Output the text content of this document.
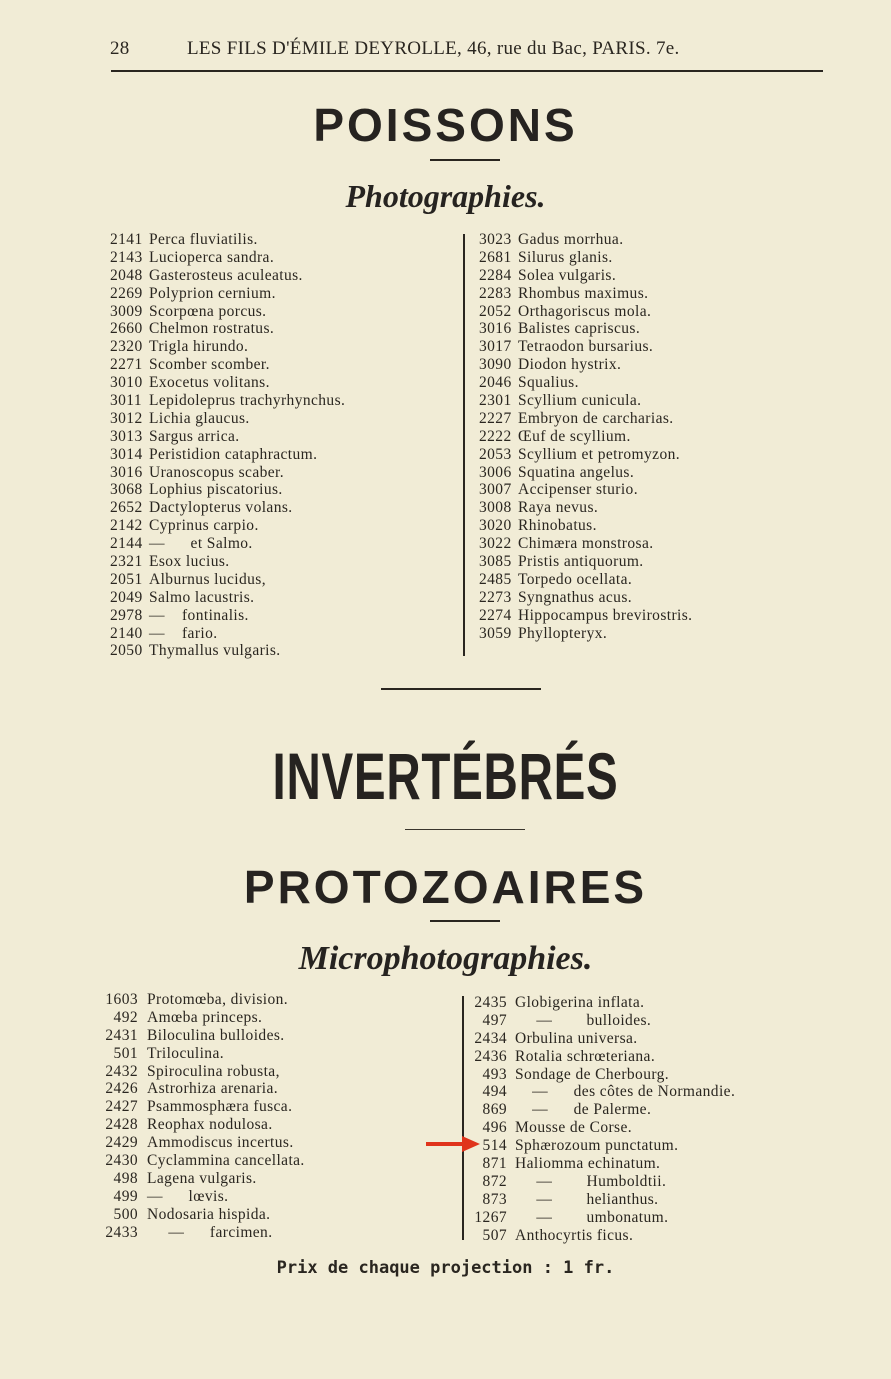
28	LES FILS D'ÉMILE DEYROLLE, 46, rue du Bac, PARIS. 7e.
POISSONS
Photographies.
2141 Perca fluviatilis.
2143 Lucioperca sandra.
2048 Gasterosteus aculeatus.
2269 Polyprion cernium.
3009 Scorpœna porcus.
2660 Chelmon rostratus.
2320 Trigla hirundo.
2271 Scomber scomber.
3010 Exocetus volitans.
3011 Lepidoleprus trachyrhynchus.
3012 Lichia glaucus.
3013 Sargus arrica.
3014 Peristidion cataphractum.
3016 Uranoscopus scaber.
3068 Lophius piscatorius.
2652 Dactylopterus volans.
2142 Cyprinus carpio.
2144 —      et Salmo.
2321 Esox lucius.
2051 Alburnus lucidus,
2049 Salmo lacustris.
2978 —    fontinalis.
2140 —    fario.
2050 Thymallus vulgaris.
3023 Gadus morrhua.
2681 Silurus glanis.
2284 Solea vulgaris.
2283 Rhombus maximus.
2052 Orthagoriscus mola.
3016 Balistes capriscus.
3017 Tetraodon bursarius.
3090 Diodon hystrix.
2046 Squalius.
2301 Scyllium cunicula.
2227 Embryon de carcharias.
2222 Œuf de scyllium.
2053 Scyllium et petromyzon.
3006 Squatina angelus.
3007 Accipenser sturio.
3008 Raya nevus.
3020 Rhinobatus.
3022 Chimæra monstrosa.
3085 Pristis antiquorum.
2485 Torpedo ocellata.
2273 Syngnathus acus.
2274 Hippocampus brevirostris.
3059 Phyllopteryx.
INVERTÉBRÉS
PROTOZOAIRES
Microphotographies.
1603 Protomœba, division.
492 Amœba princeps.
2431 Biloculina bulloides.
501 Triloculina.
2432 Spiroculina robusta,
2426 Astrorhiza arenaria.
2427 Psammosphæra fusca.
2428 Reophax nodulosa.
2429 Ammodiscus incertus.
2430 Cyclammina cancellata.
498 Lagena vulgaris.
499 —      lœvis.
500 Nodosaria hispida.
2433 —      farcimen.
2435 Globigerina inflata.
497 —        bulloides.
2434 Orbulina universa.
2436 Rotalia schrœteriana.
493 Sondage de Cherbourg.
494 —      des côtes de Normandie.
869 —      de Palerme.
496 Mousse de Corse.
514 Sphærozoum punctatum.
871 Haliomma echinatum.
872 —        Humboldtii.
873 —        helianthus.
1267 —        umbonatum.
507 Anthocyrtis ficus.
Prix de chaque projection : 1 fr.
